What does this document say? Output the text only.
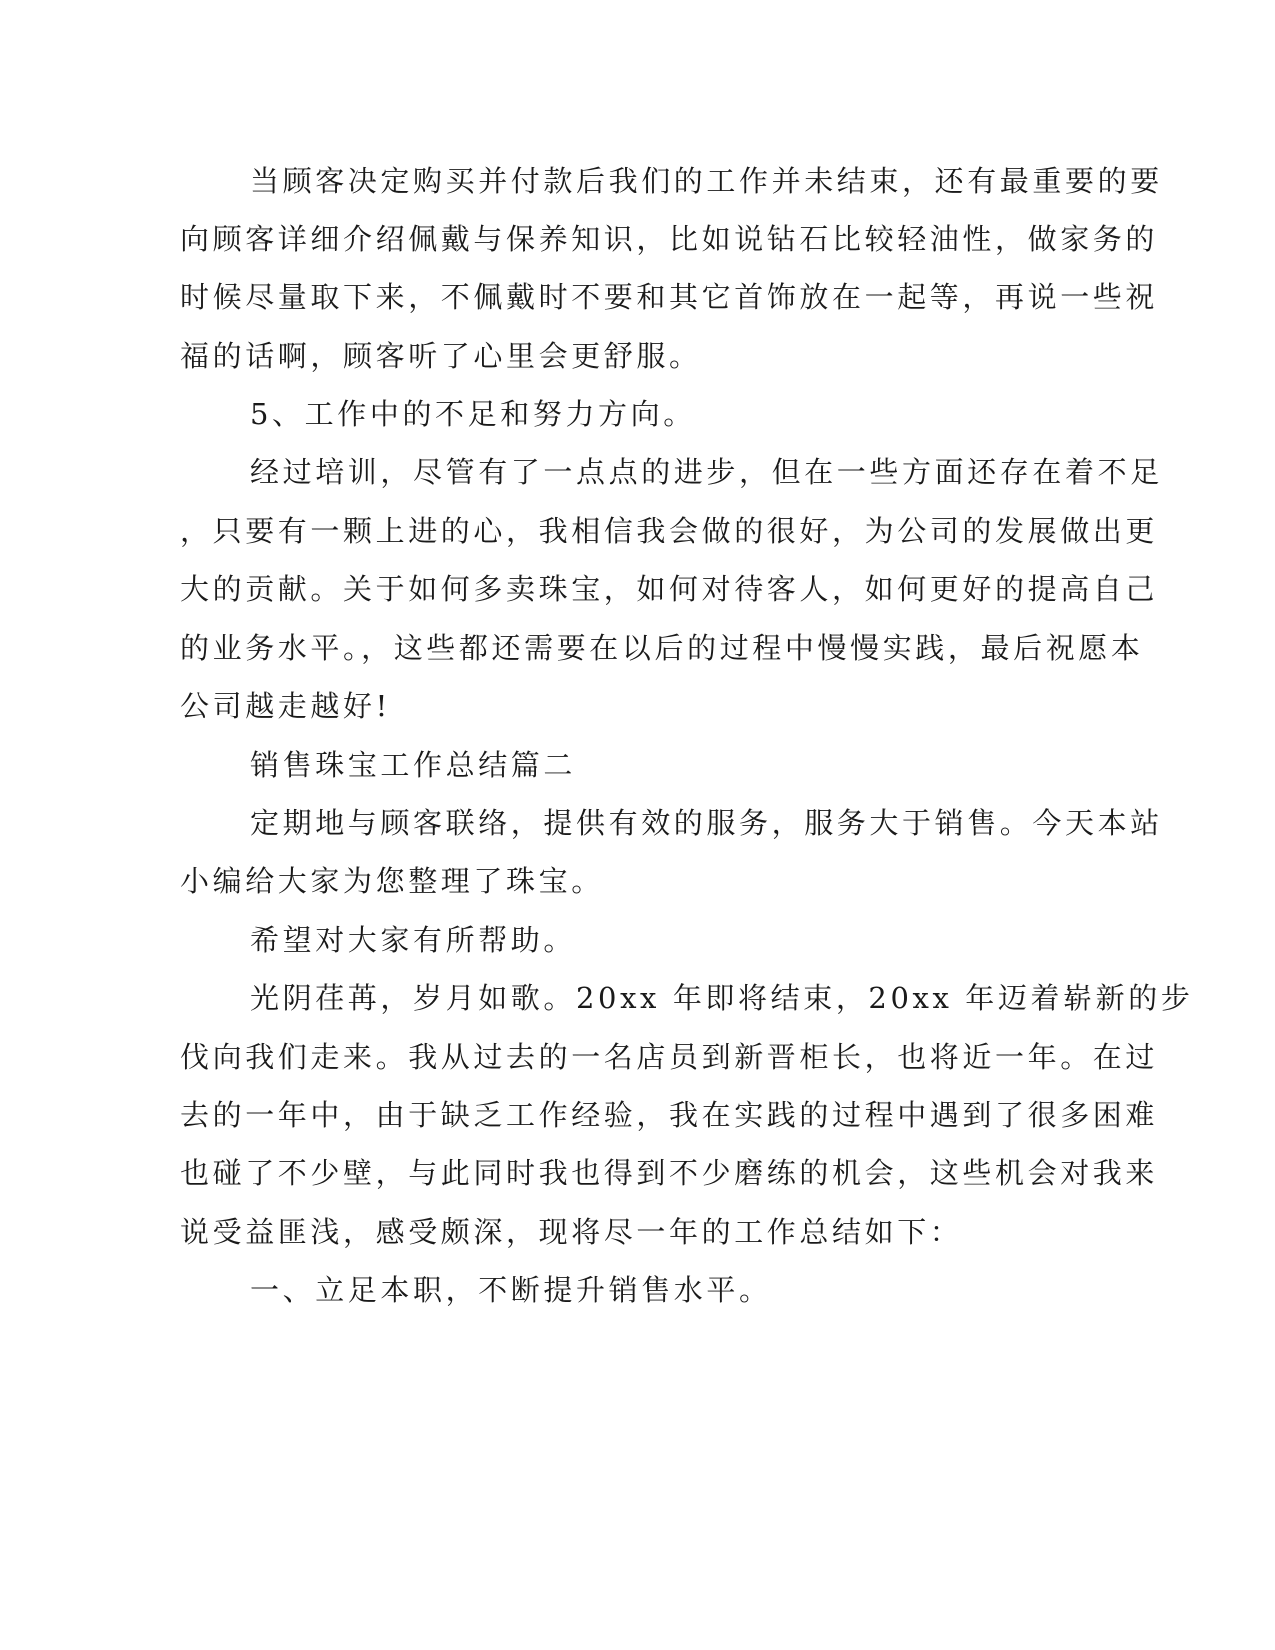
当顾客决定购买并付款后我们的工作并未结束，还有最重要的要
向顾客详细介绍佩戴与保养知识，比如说钻石比较轻油性，做家务的
时候尽量取下来，不佩戴时不要和其它首饰放在一起等，再说一些祝
福的话啊，顾客听了心里会更舒服。
5、工作中的不足和努力方向。
经过培训，尽管有了一点点的进步，但在一些方面还存在着不足
，只要有一颗上进的心，我相信我会做的很好，为公司的发展做出更
大的贡献。关于如何多卖珠宝，如何对待客人，如何更好的提高自己
的业务水平。，这些都还需要在以后的过程中慢慢实践，最后祝愿本
公司越走越好!
销售珠宝工作总结篇二
定期地与顾客联络，提供有效的服务，服务大于销售。今天本站
小编给大家为您整理了珠宝。
希望对大家有所帮助。
光阴荏苒，岁月如歌。20xx 年即将结束，20xx 年迈着崭新的步
伐向我们走来。我从过去的一名店员到新晋柜长，也将近一年。在过
去的一年中，由于缺乏工作经验，我在实践的过程中遇到了很多困难
也碰了不少壁，与此同时我也得到不少磨练的机会，这些机会对我来
说受益匪浅，感受颇深，现将尽一年的工作总结如下：
一、立足本职，不断提升销售水平。
